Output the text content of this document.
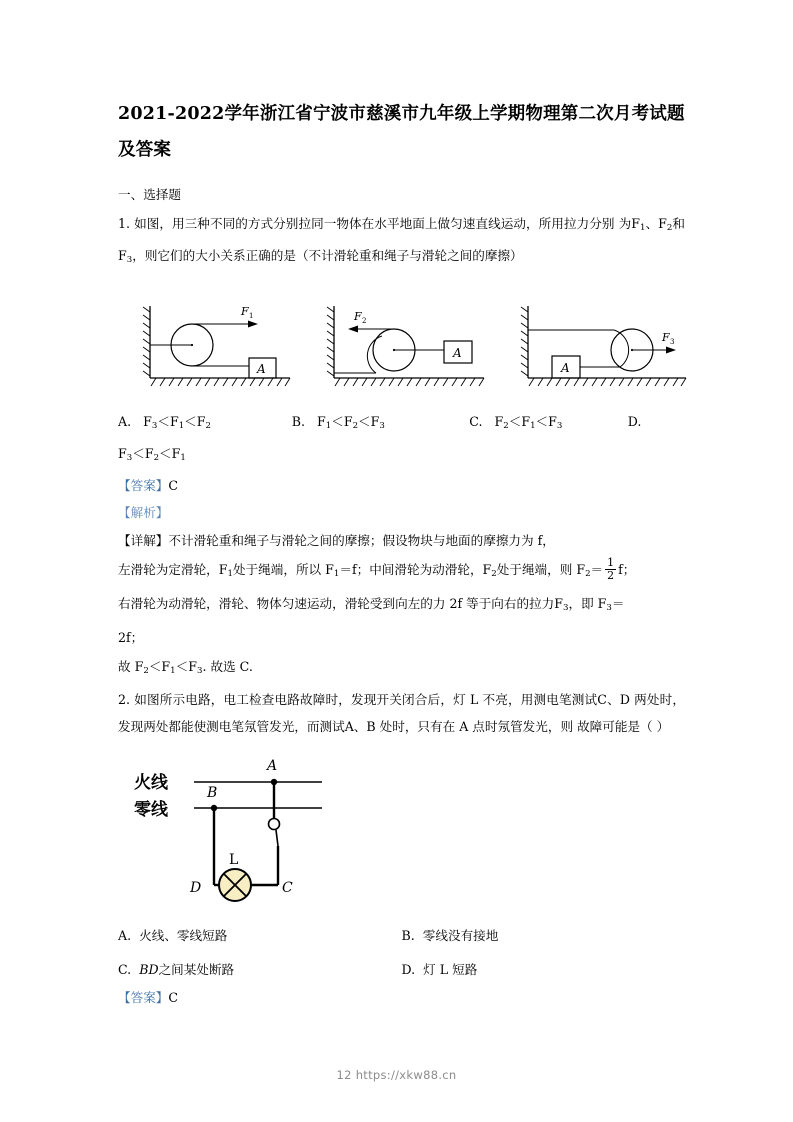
2021-2022学年浙江省宁波市慈溪市九年级上学期物理第二次月考试题及答案
一、选择题

1. 如图，用三种不同的方式分别拉同一物体在水平地面上做匀速直线运动，所用拉力分别 为$F_1$、$F_2$和 $F_3$，则它们的大小关系正确的是（不计滑轮重和绳子与滑轮之间的摩擦）

F 1
A
F 2
A
A
F 3
A.   $F_3<F_1<F_2$	B.   $F_1<F_2<F_3$	C.   $F_2<F_1<F_3$	D.
$F_3<F_2<F_1$

【答案】C

【解析】

【详解】不计滑轮重和绳子与滑轮之间的摩擦；假设物块与地面的摩擦力为 f，

左滑轮为定滑轮，$F_1$处于绳端，所以 $F_1=f$；中间滑轮为动滑轮，$F_2$处于绳端，则 $F_2= \frac{1}{2}$ f；

右滑轮为动滑轮，滑轮、物体匀速运动，滑轮受到向左的力 2f 等于向右的拉力$F_3$，即 $F_3=$

2f；

故 $F_2<F_1<F_3$. 故选 C.

2. 如图所示电路，电工检查电路故障时，发现开关闭合后，灯 L 不亮，用测电笔测试C、D 两处时，发现两处都能使测电笔氖管发光，而测试A、B 处时，只有在 A 点时氖管发光，则 故障可能是（ ）

火线
零线
A
B
C
D
L
A. 火线、零线短路	B. 零线没有接地
C. BD之间某处断路	D. 灯 L 短路

【答案】C

12 https://xkw88.cn
